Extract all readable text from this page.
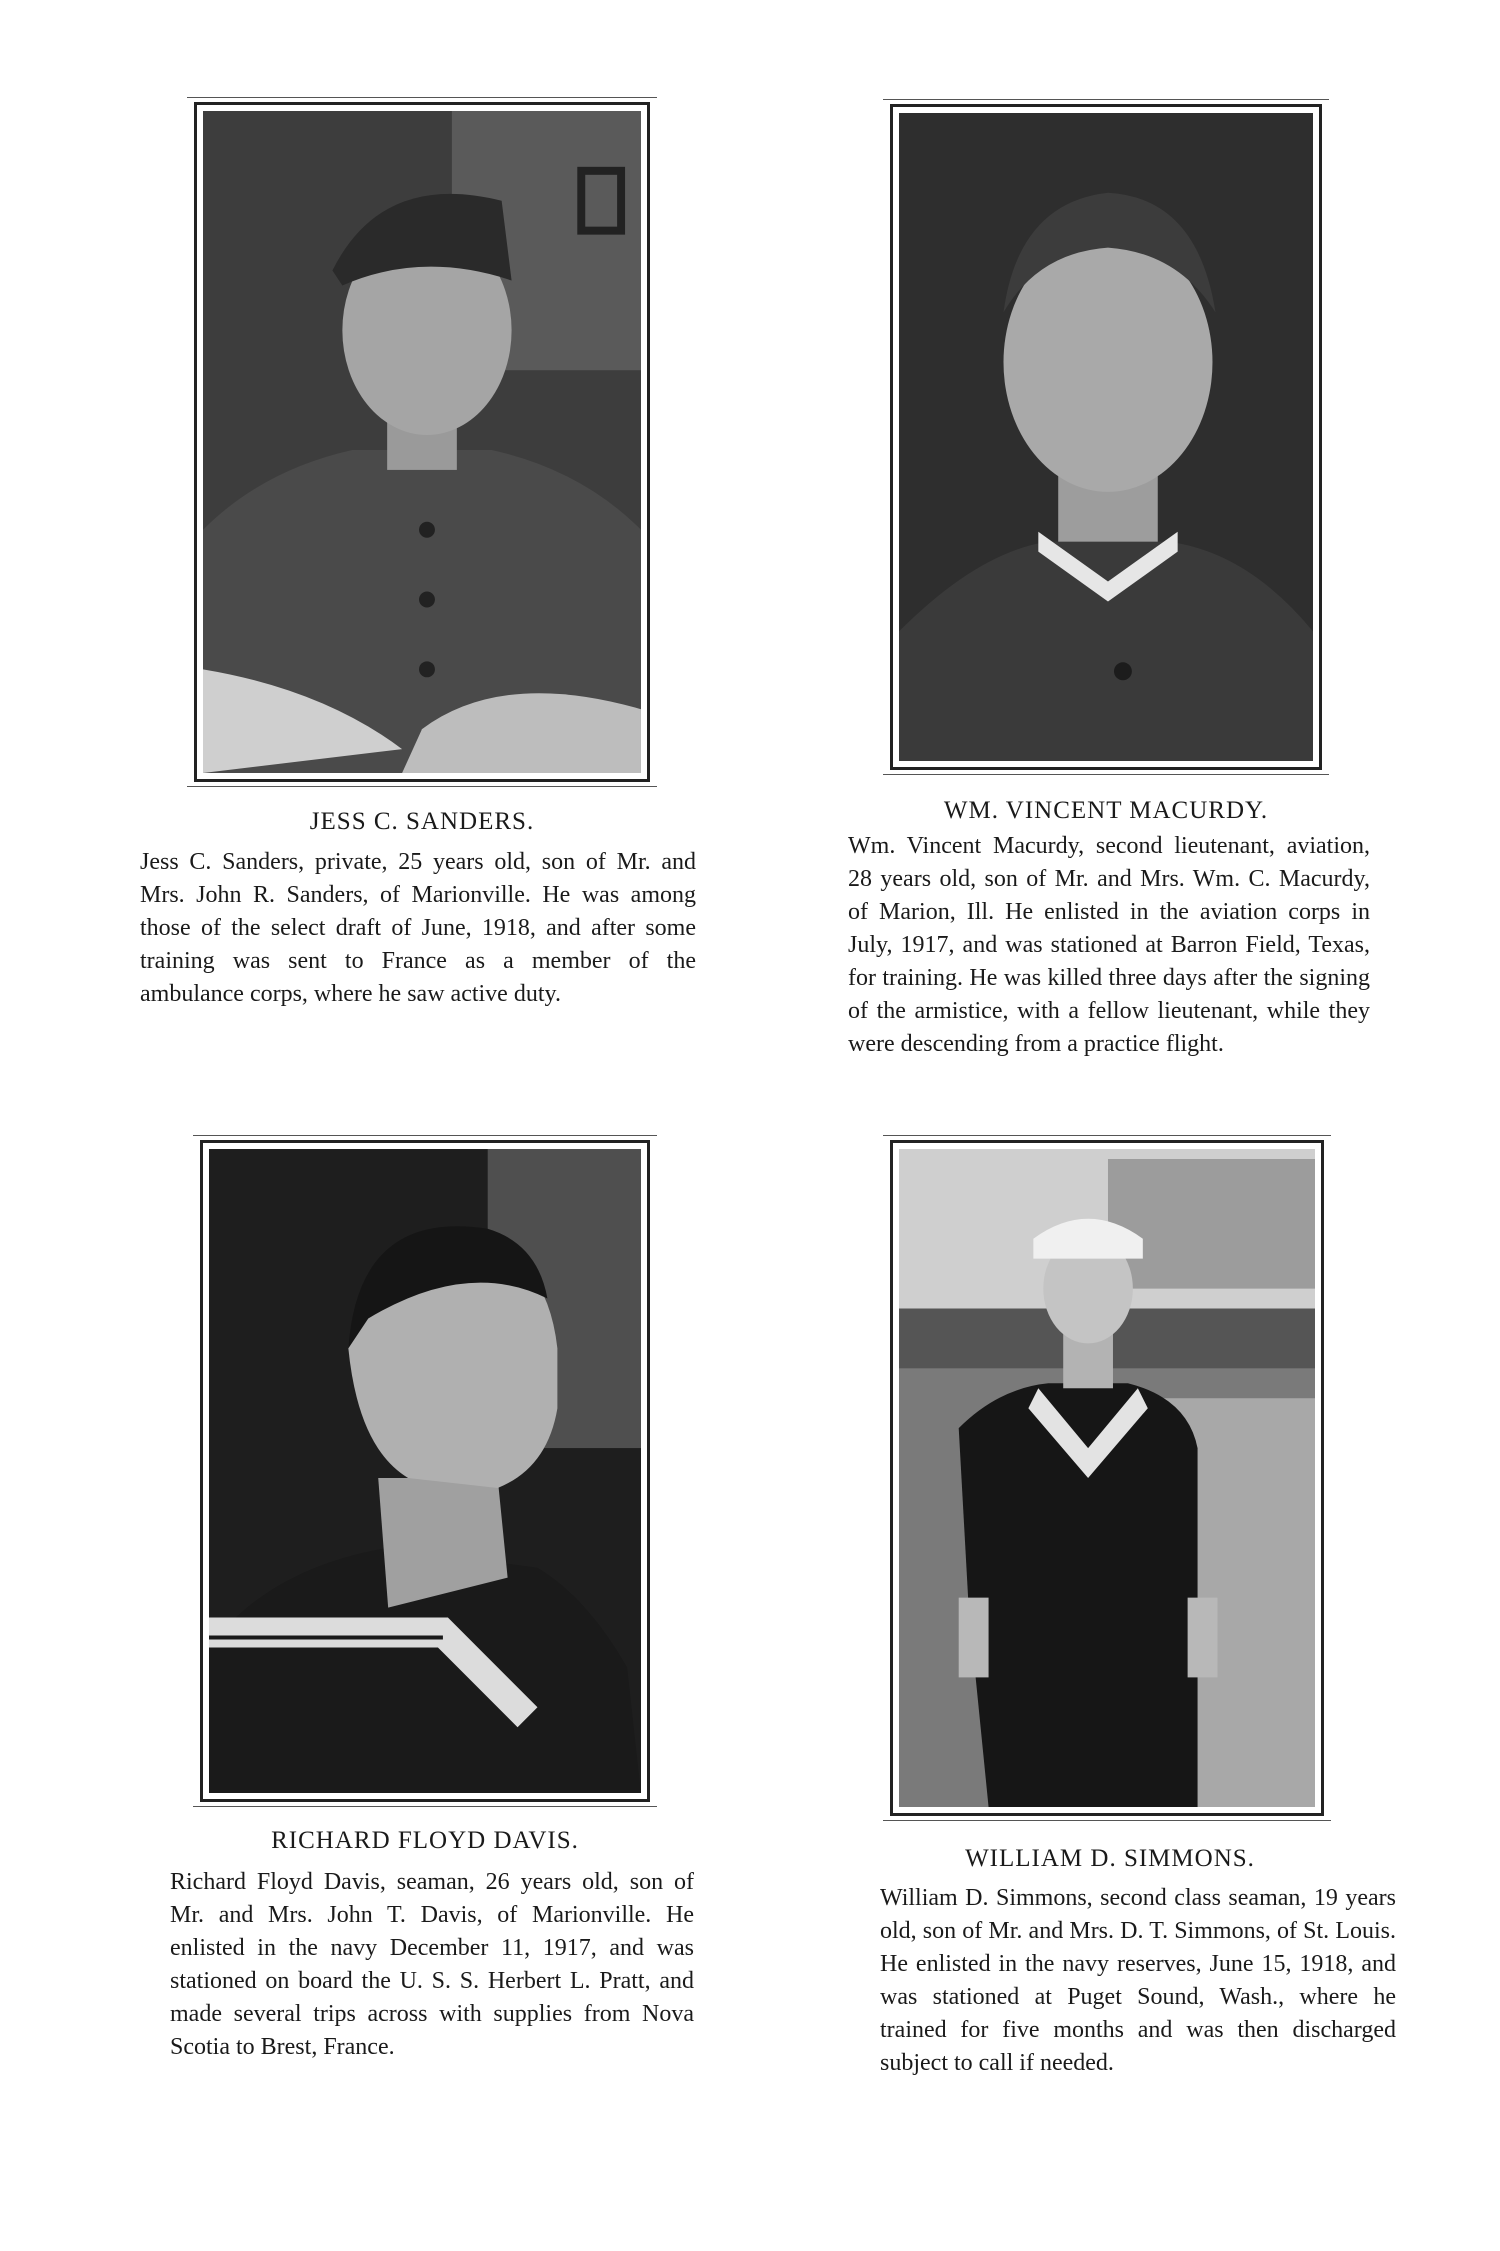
JESS C. SANDERS.

Jess C. Sanders, private, 25 years old, son of Mr. and Mrs. John R. Sanders, of Marionville. He was among those of the select draft of June, 1918, and after some training was sent to France as a member of the ambulance corps, where he saw active duty.

WM. VINCENT MACURDY.

Wm. Vincent Macurdy, second lieutenant, aviation, 28 years old, son of Mr. and Mrs. Wm. C. Macurdy, of Marion, Ill. He enlisted in the aviation corps in July, 1917, and was stationed at Barron Field, Texas, for training. He was killed three days after the signing of the armistice, with a fellow lieutenant, while they were descending from a practice flight.

RICHARD FLOYD DAVIS.

Richard Floyd Davis, seaman, 26 years old, son of Mr. and Mrs. John T. Davis, of Marionville. He enlisted in the navy December 11, 1917, and was stationed on board the U. S. S. Herbert L. Pratt, and made several trips across with supplies from Nova Scotia to Brest, France.

WILLIAM D. SIMMONS.

William D. Simmons, second class seaman, 19 years old, son of Mr. and Mrs. D. T. Simmons, of St. Louis. He enlisted in the navy reserves, June 15, 1918, and was stationed at Puget Sound, Wash., where he trained for five months and was then discharged subject to call if needed.
